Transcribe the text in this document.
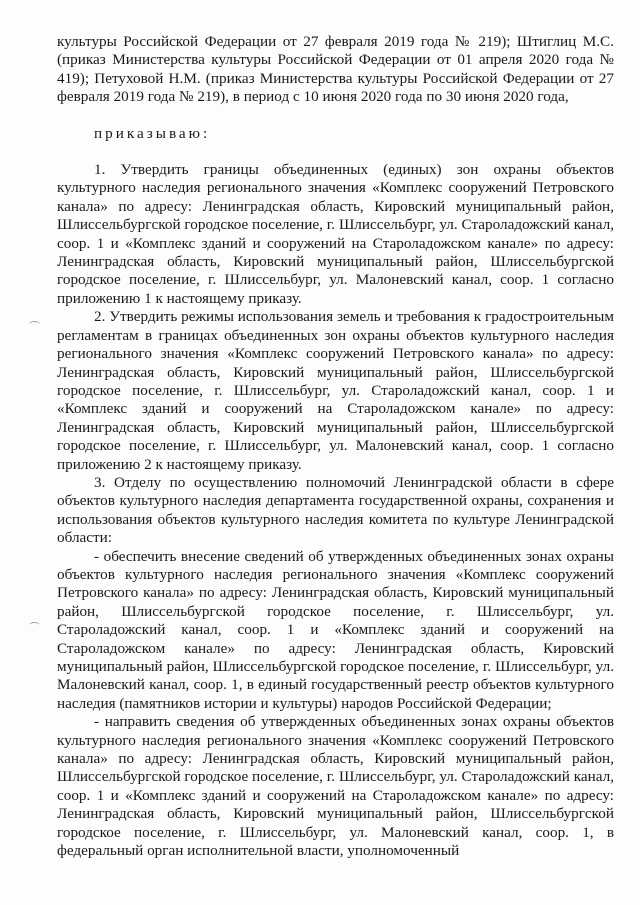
культуры Российской Федерации от 27 февраля 2019 года № 219); Штиглиц М.С. (приказ Министерства культуры Российской Федерации от 01 апреля 2020 года № 419); Петуховой Н.М. (приказ Министерства культуры Российской Федерации от 27 февраля 2019 года № 219), в период с 10 июня 2020 года по 30 июня 2020 года,

приказываю:

1. Утвердить границы объединенных (единых) зон охраны объектов культурного наследия регионального значения «Комплекс сооружений Петровского канала» по адресу: Ленинградская область, Кировский муниципальный район, Шлиссельбургской городское поселение, г. Шлиссельбург, ул. Староладожский канал, соор. 1 и «Комплекс зданий и сооружений на Староладожском канале» по адресу: Ленинградская область, Кировский муниципальный район, Шлиссельбургской городское поселение, г. Шлиссельбург, ул. Малоневский канал, соор. 1 согласно приложению 1 к настоящему приказу.

2. Утвердить режимы использования земель и требования к градостроительным регламентам в границах объединенных зон охраны объектов культурного наследия регионального значения «Комплекс сооружений Петровского канала» по адресу: Ленинградская область, Кировский муниципальный район, Шлиссельбургской городское поселение, г. Шлиссельбург, ул. Староладожский канал, соор. 1 и «Комплекс зданий и сооружений на Староладожском канале» по адресу: Ленинградская область, Кировский муниципальный район, Шлиссельбургской городское поселение, г. Шлиссельбург, ул. Малоневский канал, соор. 1 согласно приложению 2 к настоящему приказу.

3. Отделу по осуществлению полномочий Ленинградской области в сфере объектов культурного наследия департамента государственной охраны, сохранения и использования объектов культурного наследия комитета по культуре Ленинградской области:

- обеспечить внесение сведений об утвержденных объединенных зонах охраны объектов культурного наследия регионального значения «Комплекс сооружений Петровского канала» по адресу: Ленинградская область, Кировский муниципальный район, Шлиссельбургской городское поселение, г. Шлиссельбург, ул. Староладожский канал, соор. 1 и «Комплекс зданий и сооружений на Староладожском канале» по адресу: Ленинградская область, Кировский муниципальный район, Шлиссельбургской городское поселение, г. Шлиссельбург, ул. Малоневский канал, соор. 1, в единый государственный реестр объектов культурного наследия (памятников истории и культуры) народов Российской Федерации;

- направить сведения об утвержденных объединенных зонах охраны объектов культурного наследия регионального значения «Комплекс сооружений Петровского канала» по адресу: Ленинградская область, Кировский муниципальный район, Шлиссельбургской городское поселение, г. Шлиссельбург, ул. Староладожский канал, соор. 1 и «Комплекс зданий и сооружений на Староладожском канале» по адресу: Ленинградская область, Кировский муниципальный район, Шлиссельбургской городское поселение, г. Шлиссельбург, ул. Малоневский канал, соор. 1, в федеральный орган исполнительной власти, уполномоченный
